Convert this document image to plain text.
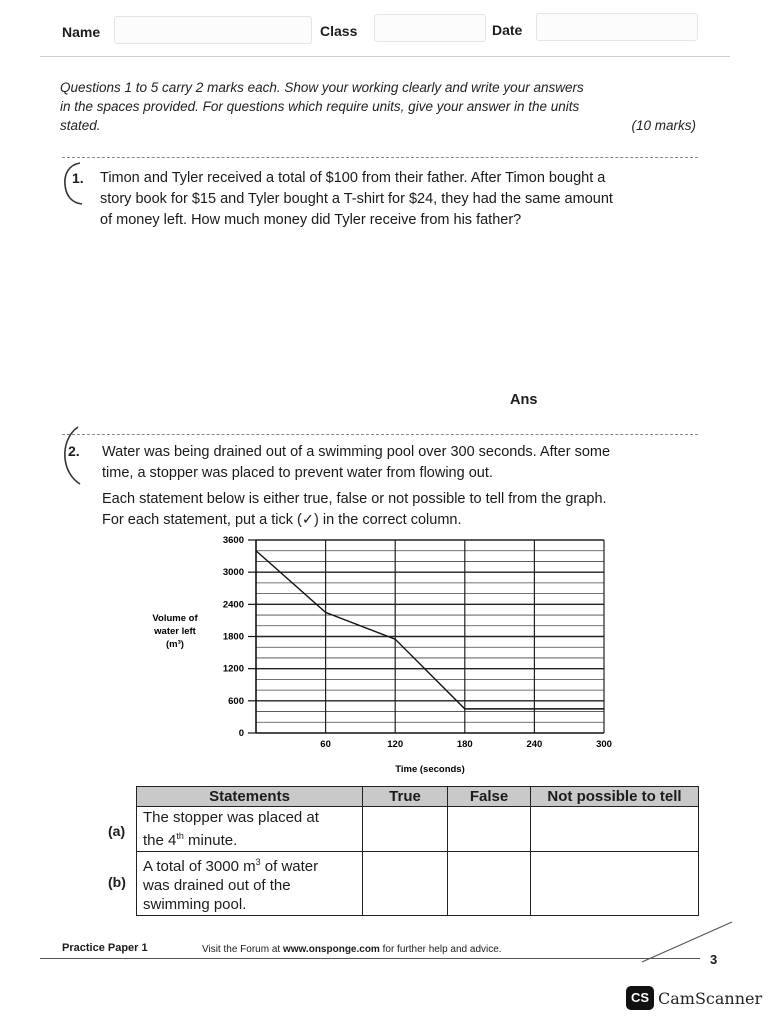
Name	Class	Date
Questions 1 to 5 carry 2 marks each. Show your working clearly and write your answers
in the spaces provided. For questions which require units, give your answer in the units
stated.	(10 marks)
1. Timon and Tyler received a total of $100 from their father. After Timon bought a
story book for $15 and Tyler bought a T-shirt for $24, they had the same amount
of money left. How much money did Tyler receive from his father?
Ans
2. Water was being drained out of a swimming pool over 300 seconds. After some
time, a stopper was placed to prevent water from flowing out.
Each statement below is either true, false or not possible to tell from the graph.
For each statement, put a tick (✓) in the correct column.
0
600
1200
1800
2400
3000
3600
60	120	180	240	300
Volume of water left (m³)
Time (seconds)
(a)
(b)
Statements	True	False	Not possible to tell

The stopper was placed at
the 4th minute.			

A total of 3000 $m^3$ of water
was drained out of the
swimming pool.			

Practice Paper 1	Visit the Forum at www.onsponge.com for further help and advice.
3
CS CamScanner
